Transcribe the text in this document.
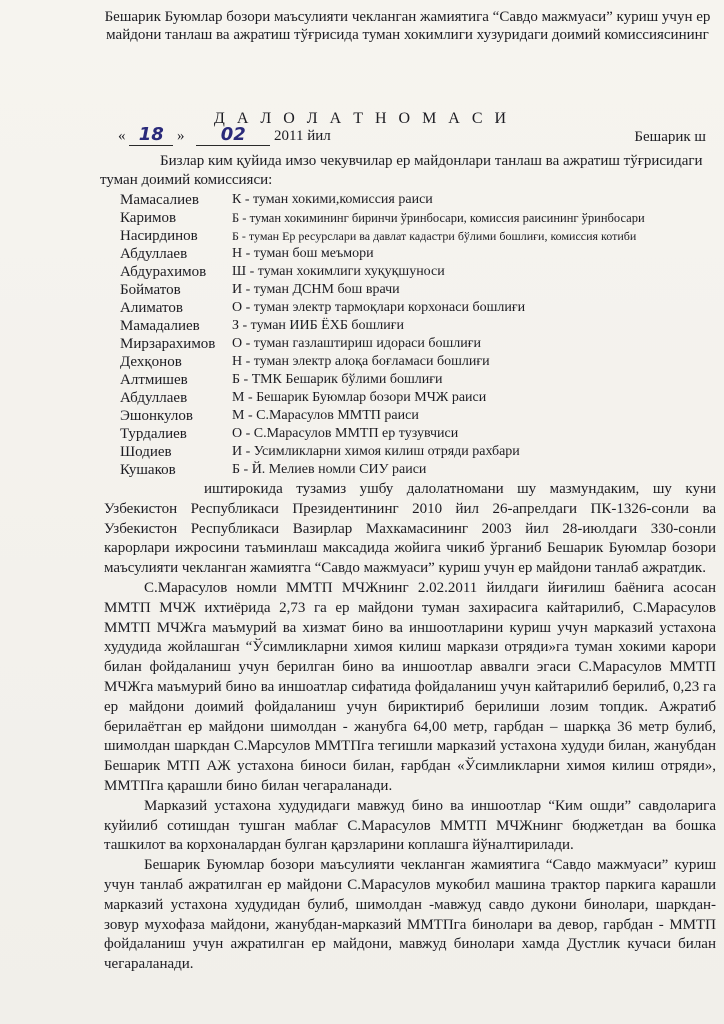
Бешарик Буюмлар бозори маъсулияти чекланган жамиятига “Савдо мажмуаси” куриш учун ер майдони танлаш ва ажратиш тўғрисида туман хокимлиги хузуридаги доимий комиссиясининг
Д А Л О Л А Т Н О М А С И
« 18 » 02 2011 йил	Бешарик ш
Бизлар ким қуйида имзо чекувчилар ер майдонлари танлаш ва ажратиш тўғрисидаги туман доимий комиссияси:
Мамасалиев К - туман хокими,комиссия раиси
Каримов	Б - туман хокимининг биринчи ўринбосари, комиссия раисининг ўринбосари
Насирдинов	Б - туман Ер ресурслари ва давлат кадастри бўлими бошлиғи, комиссия котиби
Абдуллаев	Н - туман бош меъмори
Абдурахимов Ш - туман хокимлиги хуқуқшуноси
Бойматов	И - туман ДСНМ бош врачи
Алиматов	О - туман электр тармоқлари корхонаси бошлиғи
Мамадалиев З - туман ИИБ ЁХБ бошлиғи
Мирзарахимов О - туман газлаштириш идораси бошлиғи
Дехқонов	Н - туман электр алоқа боғламаси бошлиғи
Алтмишев	Б - ТМК Бешарик бўлими бошлиғи
Абдуллаев	М - Бешарик Буюмлар бозори МЧЖ раиси
Эшонкулов	М - С.Марасулов ММТП раиси
Турдалиев	О - С.Марасулов ММТП ер тузувчиси
Шодиев	И - Усимликларни химоя килиш отряди рахбари
Кушаков	Б - Й. Мелиев номли СИУ раиси

иштирокида тузамиз ушбу далолатномани шу мазмундаким, шу куни Узбекистон Республикаси Президентининг 2010 йил 26-апрелдаги ПК-1326-сонли ва Узбекистон Республикаси Вазирлар Махкамасининг 2003 йил 28-июлдаги 330-сонли карорлари ижросини таъминлаш максадида жойига чикиб ўрганиб Бешарик Буюмлар бозори маъсулияти чекланган жамиятга “Савдо мажмуаси” куриш учун ер майдони танлаб ажратдик.

С.Марасулов номли ММТП МЧЖнинг 2.02.2011 йилдаги йиғилиш баёнига асосан ММТП МЧЖ ихтиёрида 2,73 га ер майдони туман захирасига кайтарилиб, С.Марасулов ММТП МЧЖга маъмурий ва хизмат бино ва иншоотларини куриш учун марказий устахона худудида жойлашган “Ўсимликларни химоя килиш маркази отряди»га туман хокими карори билан фойдаланиш учун берилган бино ва иншоотлар аввалги эгаси С.Марасулов ММТП МЧЖга маъмурий бино ва иншоатлар сифатида фойдаланиш учун кайтарилиб берилиб, 0,23 га ер майдони доимий фойдаланиш учун бириктириб берилиши лозим топдик. Ажратиб берилаётган ер майдони шимолдан - жанубга 64,00 метр, гарбдан – шаркқа 36 метр булиб, шимолдан шаркдан С.Марсулов ММТПга тегишли марказий устахона худуди билан, жанубдан Бешарик МТП АЖ устахона биноси билан, ғарбдан «Ўсимликларни химоя килиш отряди», ММТПга қарашли бино билан чегараланади.

Марказий устахона худудидаги мавжуд бино ва иншоотлар “Ким ошди” савдоларига куйилиб сотишдан тушган маблағ С.Марасулов ММТП МЧЖнинг бюджетдан ва бошка ташкилот ва корхоналардан булган қарзларини коплашга йўналтирилади.

Бешарик Буюмлар бозори маъсулияти чекланган жамиятига “Савдо мажмуаси” куриш учун танлаб ажратилган ер майдони С.Марасулов мукобил машина трактор паркига карашли марказий устахона худудидан булиб, шимолдан -мавжуд савдо дукони бинолари, шаркдан-зовур мухофаза майдони, жанубдан-марказий ММТПга бинолари ва девор, гарбдан - ММТП фойдаланиш учун ажратилган ер майдони, мавжуд бинолари хамда Дустлик кучаси билан чегараланади.
